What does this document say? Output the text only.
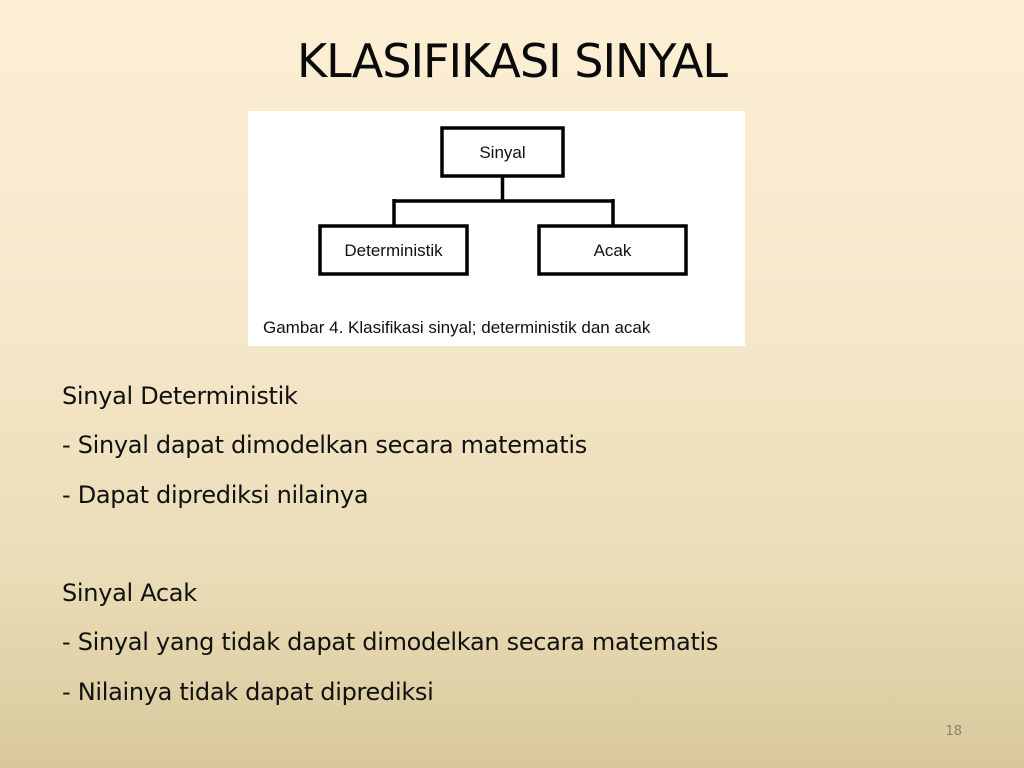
KLASIFIKASI SINYAL
Sinyal
Deterministik	Acak
Gambar 4. Klasifikasi sinyal; deterministik dan acak
Sinyal Deterministik
- Sinyal dapat dimodelkan secara matematis
- Dapat diprediksi nilainya
Sinyal Acak
- Sinyal yang tidak dapat dimodelkan secara matematis
- Nilainya tidak dapat diprediksi
18
